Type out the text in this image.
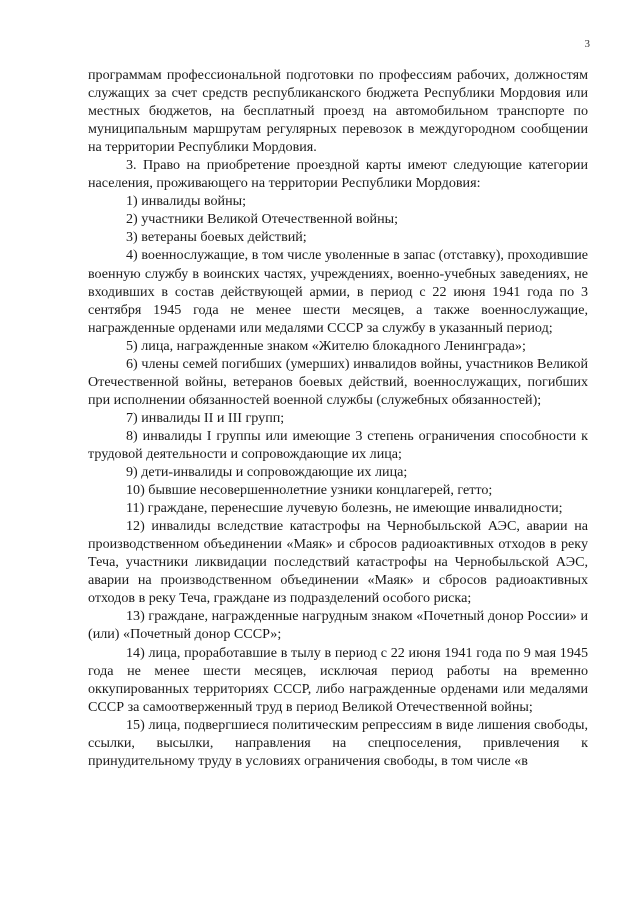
3

программам профессиональной подготовки по профессиям рабочих, должностям служащих за счет средств республиканского бюджета Республики Мордовия или местных бюджетов, на бесплатный проезд на автомобильном транспорте по муниципальным маршрутам регулярных перевозок в междугородном сообщении на территории Республики Мордовия.

3. Право на приобретение проездной карты имеют следующие категории населения, проживающего на территории Республики Мордовия:

1) инвалиды войны;

2) участники Великой Отечественной войны;

3) ветераны боевых действий;

4) военнослужащие, в том числе уволенные в запас (отставку), проходившие военную службу в воинских частях, учреждениях, военно-учебных заведениях, не входивших в состав действующей армии, в период с 22 июня 1941 года по 3 сентября 1945 года не менее шести месяцев, а также военнослужащие, награжденные орденами или медалями СССР за службу в указанный период;

5) лица, награжденные знаком «Жителю блокадного Ленинграда»;

6) члены семей погибших (умерших) инвалидов войны, участников Великой Отечественной войны, ветеранов боевых действий, военнослужащих, погибших при исполнении обязанностей военной службы (служебных обязанностей);

7) инвалиды II и III групп;

8) инвалиды I группы или имеющие 3 степень ограничения способности к трудовой деятельности и сопровождающие их лица;

9) дети-инвалиды и сопровождающие их лица;

10) бывшие несовершеннолетние узники концлагерей, гетто;

11) граждане, перенесшие лучевую болезнь, не имеющие инвалидности;

12) инвалиды вследствие катастрофы на Чернобыльской АЭС, аварии на производственном объединении «Маяк» и сбросов радиоактивных отходов в реку Теча, участники ликвидации последствий катастрофы на Чернобыльской АЭС, аварии на производственном объединении «Маяк» и сбросов радиоактивных отходов в реку Теча, граждане из подразделений особого риска;

13) граждане, награжденные нагрудным знаком «Почетный донор России» и (или) «Почетный донор СССР»;

14) лица, проработавшие в тылу в период с 22 июня 1941 года по 9 мая 1945 года не менее шести месяцев, исключая период работы на временно оккупированных территориях СССР, либо награжденные орденами или медалями СССР за самоотверженный труд в период Великой Отечественной войны;

15) лица, подвергшиеся политическим репрессиям в виде лишения свободы, ссылки, высылки, направления на спецпоселения, привлечения к принудительному труду в условиях ограничения свободы, в том числе «в
